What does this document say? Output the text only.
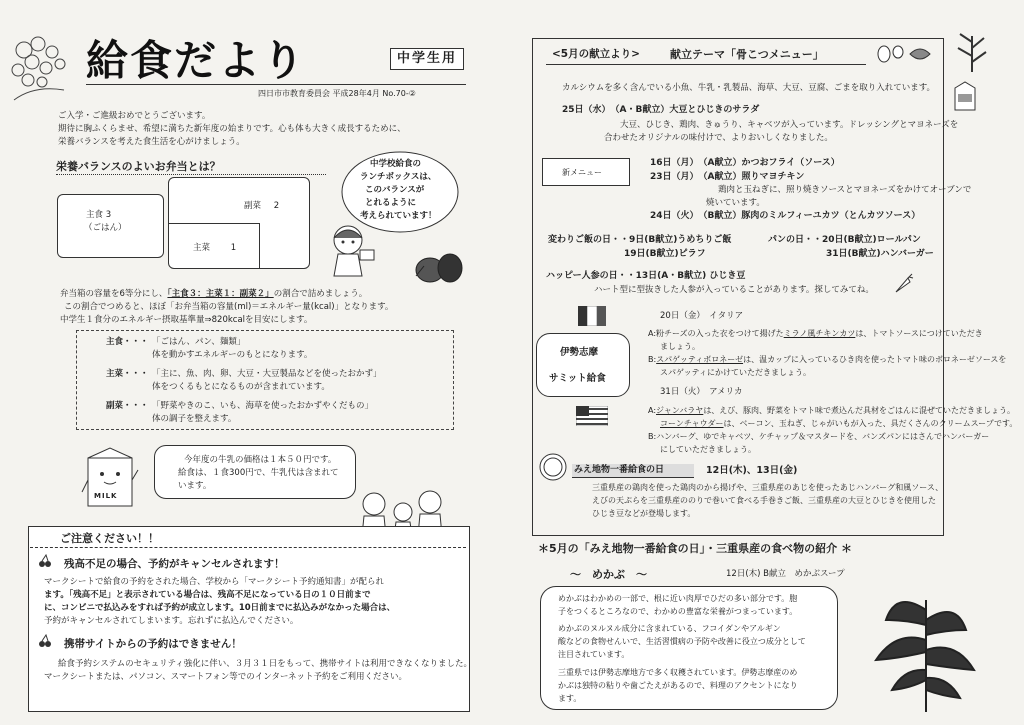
給食だより	中学生用
四日市市教育委員会 平成28年4月 No.70-②
ご入学・ご進級おめでとうございます。
期待に胸ふくらませ、希望に満ちた新年度の始まりです。心も体も大きく成長するために、
栄養バランスを考えた食生活を心がけましょう。
栄養バランスのよいお弁当とは？
主食 3
（ごはん）
副菜 2
主菜 1
中学校給食の
ランチボックスは、
このバランスが
とれるように
考えられています！
弁当箱の容量を6等分にし、「主食３：主菜１：副菜２」の割合で詰めましょう。
この割合でつめると、ほぼ「お弁当箱の容量(ml)＝エネルギー量(kcal)」となります。
中学生１食分のエネルギー摂取基準量⇒820kcalを目安にします。
主食・・・ 「ごはん、パン、麺類」
体を動かすエネルギーのもとになります。
主菜・・・ 「主に、魚、肉、卵、大豆・大豆製品などを使ったおかず」
体をつくるもとになるものが含まれています。
副菜・・・ 「野菜やきのこ、いも、海草を使ったおかずやくだもの」
体の調子を整えます。
MILK
今年度の牛乳の価格は１本５０円です。
給食は、１食300円で、牛乳代は含まれて
います。
ご注意ください！！
残高不足の場合、予約がキャンセルされます！
マークシートで給食の予約をされた場合、学校から「マークシート予約通知書」が配られ
ます。「残高不足」と表示されている場合は、残高不足になっている日の１０日前まで
に、コンビニで払込みをすれば予約が成立します。10日前までに払込みがなかった場合は、
予約がキャンセルされてしまいます。忘れずに払込んでください。
携帯サイトからの予約はできません！
給食予約システムのセキュリティ強化に伴い、３月３１日をもって、携帯サイトは利用できなくなりました。
マークシートまたは、パソコン、スマートフォン等でのインターネット予約をご利用ください。
<5月の献立より>	献立テーマ「骨こつメニュー」
カルシウムを多く含んでいる小魚、牛乳・乳製品、海草、大豆、豆腐、ごまを取り入れています。
25日（水）　（A・B献立）大豆とひじきのサラダ
大豆、ひじき、鶏肉、きゅうり、キャベツが入っています。ドレッシングとマヨネーズを
合わせたオリジナルの味付けで、よりおいしくなりました。
新メニュー
16日（月）　（A献立）かつおフライ（ソース）
23日（月）　（A献立）照りマヨチキン
鶏肉と玉ねぎに、照り焼きソースとマヨネーズをかけてオーブンで
焼いています。
24日（火）　（B献立）豚肉のミルフィーユカツ（とんカツソース）
変わりご飯の日・・9日(B献立)うめちりご飯
19日(B献立)ピラフ
パンの日・・20日(B献立)ロールパン
31日(B献立)ハンバーガー
ハッピー人参の日・・13日(A・B献立) ひじき豆
ハート型に型抜きした人参が入っていることがあります。探してみてね。
伊勢志摩
サミット給食
20日（金）　イタリア
A:粉チーズの入った衣をつけて揚げたミラノ風チキンカツは、トマトソースにつけていただき
ましょう。
B:スパゲッティボロネーゼは、温カップに入っているひき肉を使ったトマト味のボロネーゼソースを
スパゲッティにかけていただきましょう。
31日（火）　アメリカ
A:ジャンバラヤは、えび、豚肉、野菜をトマト味で煮込んだ具材をごはんに混ぜていただきましょう。
コーンチャウダーは、ベーコン、玉ねぎ、じゃがいもが入った、具だくさんのクリームスープです。
B:ハンバーグ、ゆでキャベツ、ケチャップ＆マスタードを、バンズパンにはさんでハンバーガー
にしていただきましょう。
みえ地物一番給食の日	12日(木)、13日(金)
三重県産の鶏肉を使った鶏肉のから揚げや、三重県産のあじを使ったあじハンバーグ和風ソース、
えびの天ぷらを三重県産ののりで巻いて食べる手巻きご飯、三重県産の大豆とひじきを使用した
ひじき豆などが登場します。
＊5月の「みえ地物一番給食の日」・三重県産の食べ物の紹介 ＊
～　めかぶ　～	12日(木) B献立　めかぶスープ
めかぶはわかめの一部で、根に近い肉厚でひだの多い部分です。胞
子をつくるところなので、わかめの豊富な栄養がつまっています。
めかぶのヌルヌル成分に含まれている、フコイダンやアルギン
酸などの食物せんいで、生活習慣病の予防や改善に役立つ成分として
注目されています。
三重県では伊勢志摩地方で多く収穫されています。伊勢志摩産のめ
かぶは独特の粘りや歯ごたえがあるので、料理のアクセントになり
ます。
